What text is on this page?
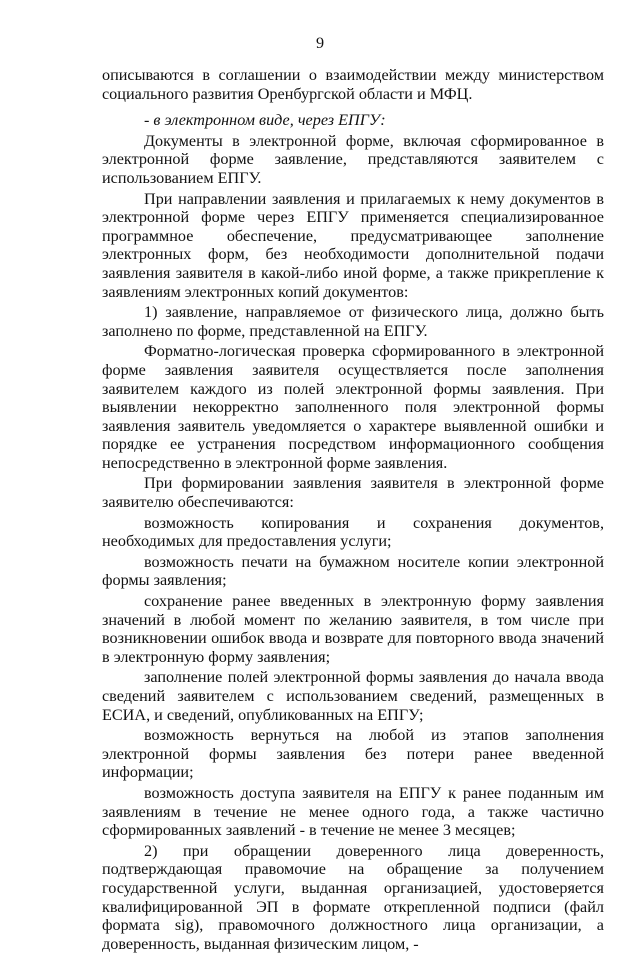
9

описываются в соглашении о взаимодействии между министерством социального развития Оренбургской области и МФЦ.

- в электронном виде, через ЕПГУ:

Документы в электронной форме, включая сформированное в электронной форме заявление, представляются заявителем с использованием ЕПГУ.

При направлении заявления и прилагаемых к нему документов в электронной форме через ЕПГУ применяется специализированное программное обеспечение, предусматривающее заполнение электронных форм, без необходимости дополнительной подачи заявления заявителя в какой-либо иной форме, а также прикрепление к заявлениям электронных копий документов:

1) заявление, направляемое от физического лица, должно быть заполнено по форме, представленной на ЕПГУ.

Форматно-логическая проверка сформированного в электронной форме заявления заявителя осуществляется после заполнения заявителем каждого из полей электронной формы заявления. При выявлении некорректно заполненного поля электронной формы заявления заявитель уведомляется о характере выявленной ошибки и порядке ее устранения посредством информационного сообщения непосредственно в электронной форме заявления.

При формировании заявления заявителя в электронной форме заявителю обеспечиваются:

возможность копирования и сохранения документов, необходимых для предоставления услуги;

возможность печати на бумажном носителе копии электронной формы заявления;

сохранение ранее введенных в электронную форму заявления значений в любой момент по желанию заявителя, в том числе при возникновении ошибок ввода и возврате для повторного ввода значений в электронную форму заявления;

заполнение полей электронной формы заявления до начала ввода сведений заявителем с использованием сведений, размещенных в ЕСИА, и сведений, опубликованных на ЕПГУ;

возможность вернуться на любой из этапов заполнения электронной формы заявления без потери ранее введенной информации;

возможность доступа заявителя на ЕПГУ к ранее поданным им заявлениям в течение не менее одного года, а также частично сформированных заявлений - в течение не менее 3 месяцев;

2) при обращении доверенного лица доверенность, подтверждающая правомочие на обращение за получением государственной услуги, выданная организацией, удостоверяется квалифицированной ЭП в формате открепленной подписи (файл формата sig), правомочного должностного лица организации, а доверенность, выданная физическим лицом, -
